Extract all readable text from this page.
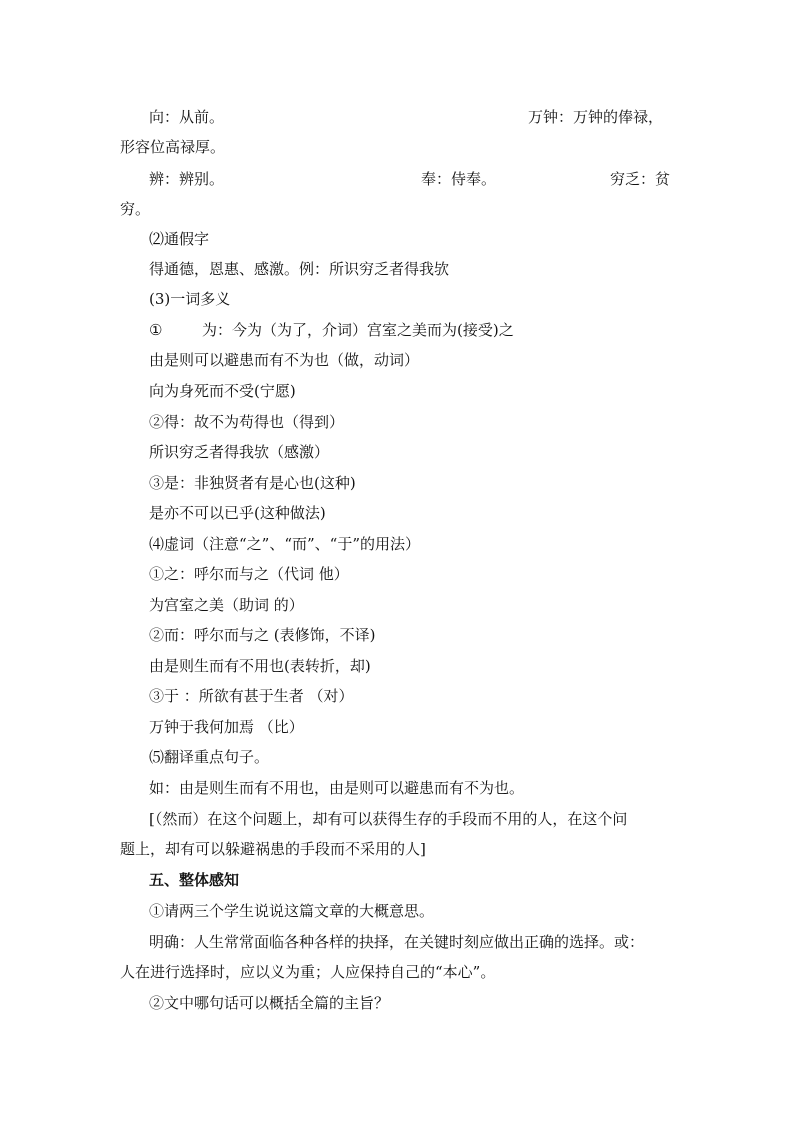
向：从前。	万钟：万钟的俸禄，
形容位高禄厚。
辨：辨别。	奉：侍奉。	穷乏：贫
穷。
⑵通假字
得通德，恩惠、感激。例：所识穷乏者得我欤
(3)一词多义
①	为：今为（为了，介词）宫室之美而为(接受)之
由是则可以避患而有不为也（做，动词）
向为身死而不受(宁愿)
②得：故不为苟得也（得到）
所识穷乏者得我欤（感激）
③是：非独贤者有是心也(这种)
是亦不可以已乎(这种做法)
⑷虚词（注意“之”、“而”、“于”的用法）
①之：呼尔而与之（代词 他）
为宫室之美（助词 的）
②而：呼尔而与之 (表修饰，不译)
由是则生而有不用也(表转折，却)
③于 ：所欲有甚于生者 （对）
万钟于我何加焉 （比）
⑸翻译重点句子。
如：由是则生而有不用也，由是则可以避患而有不为也。
[（然而）在这个问题上，却有可以获得生存的手段而不用的人，在这个问
题上，却有可以躲避祸患的手段而不采用的人]
五、整体感知
①请两三个学生说说这篇文章的大概意思。
明确：人生常常面临各种各样的抉择，在关键时刻应做出正确的选择。或：
人在进行选择时，应以义为重；人应保持自己的“本心”。
②文中哪句话可以概括全篇的主旨？
